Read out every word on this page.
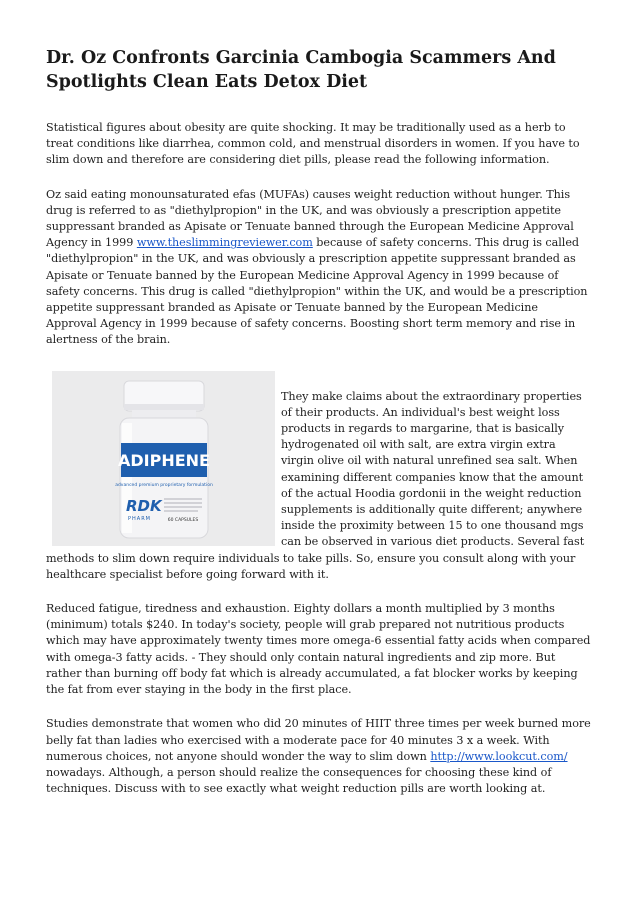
Dr. Oz Confronts Garcinia Cambogia Scammers And Spotlights Clean Eats Detox Diet

Statistical figures about obesity are quite shocking. It may be traditionally used as a herb to treat conditions like diarrhea, common cold, and menstrual disorders in women. If you have to slim down and therefore are considering diet pills, please read the following information.

Oz said eating monounsaturated efas (MUFAs) causes weight reduction without hunger. This drug is referred to as "diethylpropion" in the UK, and was obviously a prescription appetite suppressant branded as Apisate or Tenuate banned through the European Medicine Approval Agency in 1999 www.theslimmingreviewer.com because of safety concerns. This drug is called "diethylpropion" in the UK, and was obviously a prescription appetite suppressant branded as Apisate or Tenuate banned by the European Medicine Approval Agency in 1999 because of safety concerns. This drug is called "diethylpropion" within the UK, and would be a prescription appetite suppressant branded as Apisate or Tenuate banned by the European Medicine Approval Agency in 1999 because of safety concerns. Boosting short term memory and rise in alertness of the brain.

ADIPHENE
advanced premium proprietary formulation
RDK
PHARM	60 CAPSULES

They make claims about the extraordinary properties of their products. An individual's best weight loss products in regards to margarine, that is basically hydrogenated oil with salt, are extra virgin extra virgin olive oil with natural unrefined sea salt. When examining different companies know that the amount of the actual Hoodia gordonii in the weight reduction supplements is additionally quite different; anywhere inside the proximity between 15 to one thousand mgs can be observed in various diet products. Several fast methods to slim down require individuals to take pills. So, ensure you consult along with your healthcare specialist before going forward with it.

Reduced fatigue, tiredness and exhaustion. Eighty dollars a month multiplied by 3 months (minimum) totals $240. In today's society, people will grab prepared not nutritious products which may have approximately twenty times more omega-6 essential fatty acids when compared with omega-3 fatty acids. - They should only contain natural ingredients and zip more. But rather than burning off body fat which is already accumulated, a fat blocker works by keeping the fat from ever staying in the body in the first place.

Studies demonstrate that women who did 20 minutes of HIIT three times per week burned more belly fat than ladies who exercised with a moderate pace for 40 minutes 3 x a week. With numerous choices, not anyone should wonder the way to slim down http://www.lookcut.com/ nowadays. Although, a person should realize the consequences for choosing these kind of techniques. Discuss with to see exactly what weight reduction pills are worth looking at.
